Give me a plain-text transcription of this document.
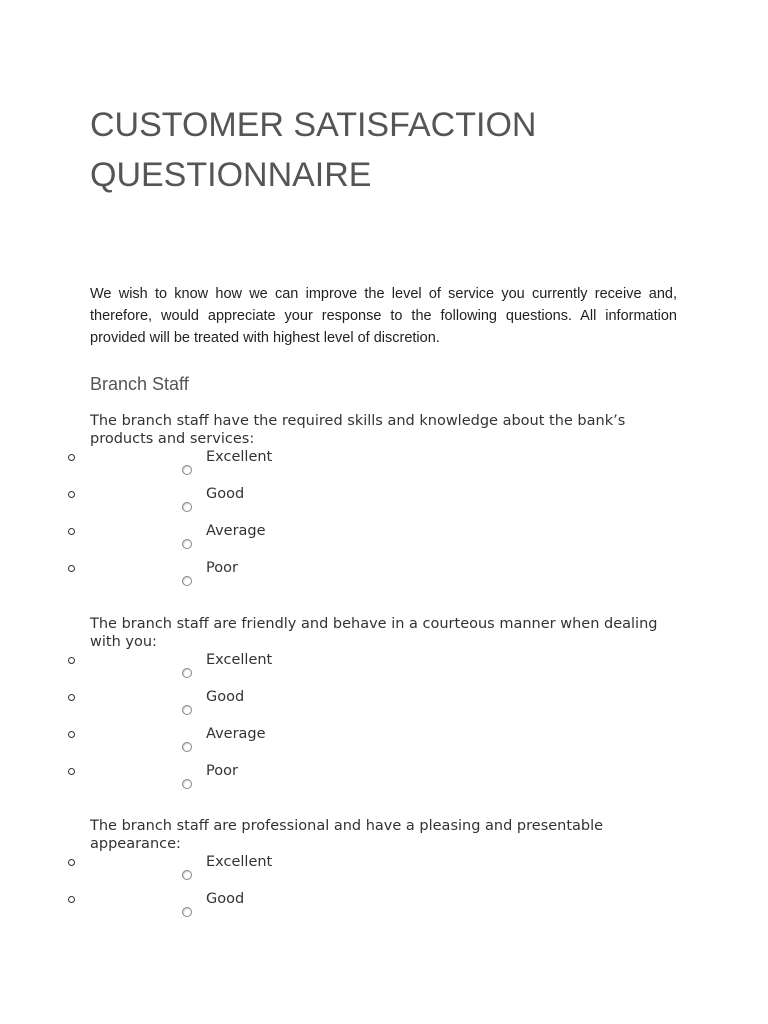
CUSTOMER SATISFACTION
QUESTIONNAIRE

We wish to know how we can improve the level of service you currently receive and, therefore, would appreciate your response to the following questions. All information provided will be treated with highest level of discretion.

Branch Staff

The branch staff have the required skills and knowledge about the bank’s products and services:

Excellent
Good
Average
Poor

The branch staff are friendly and behave in a courteous manner when dealing with you:

Excellent
Good
Average
Poor

The branch staff are professional and have a pleasing and presentable appearance:

Excellent
Good
